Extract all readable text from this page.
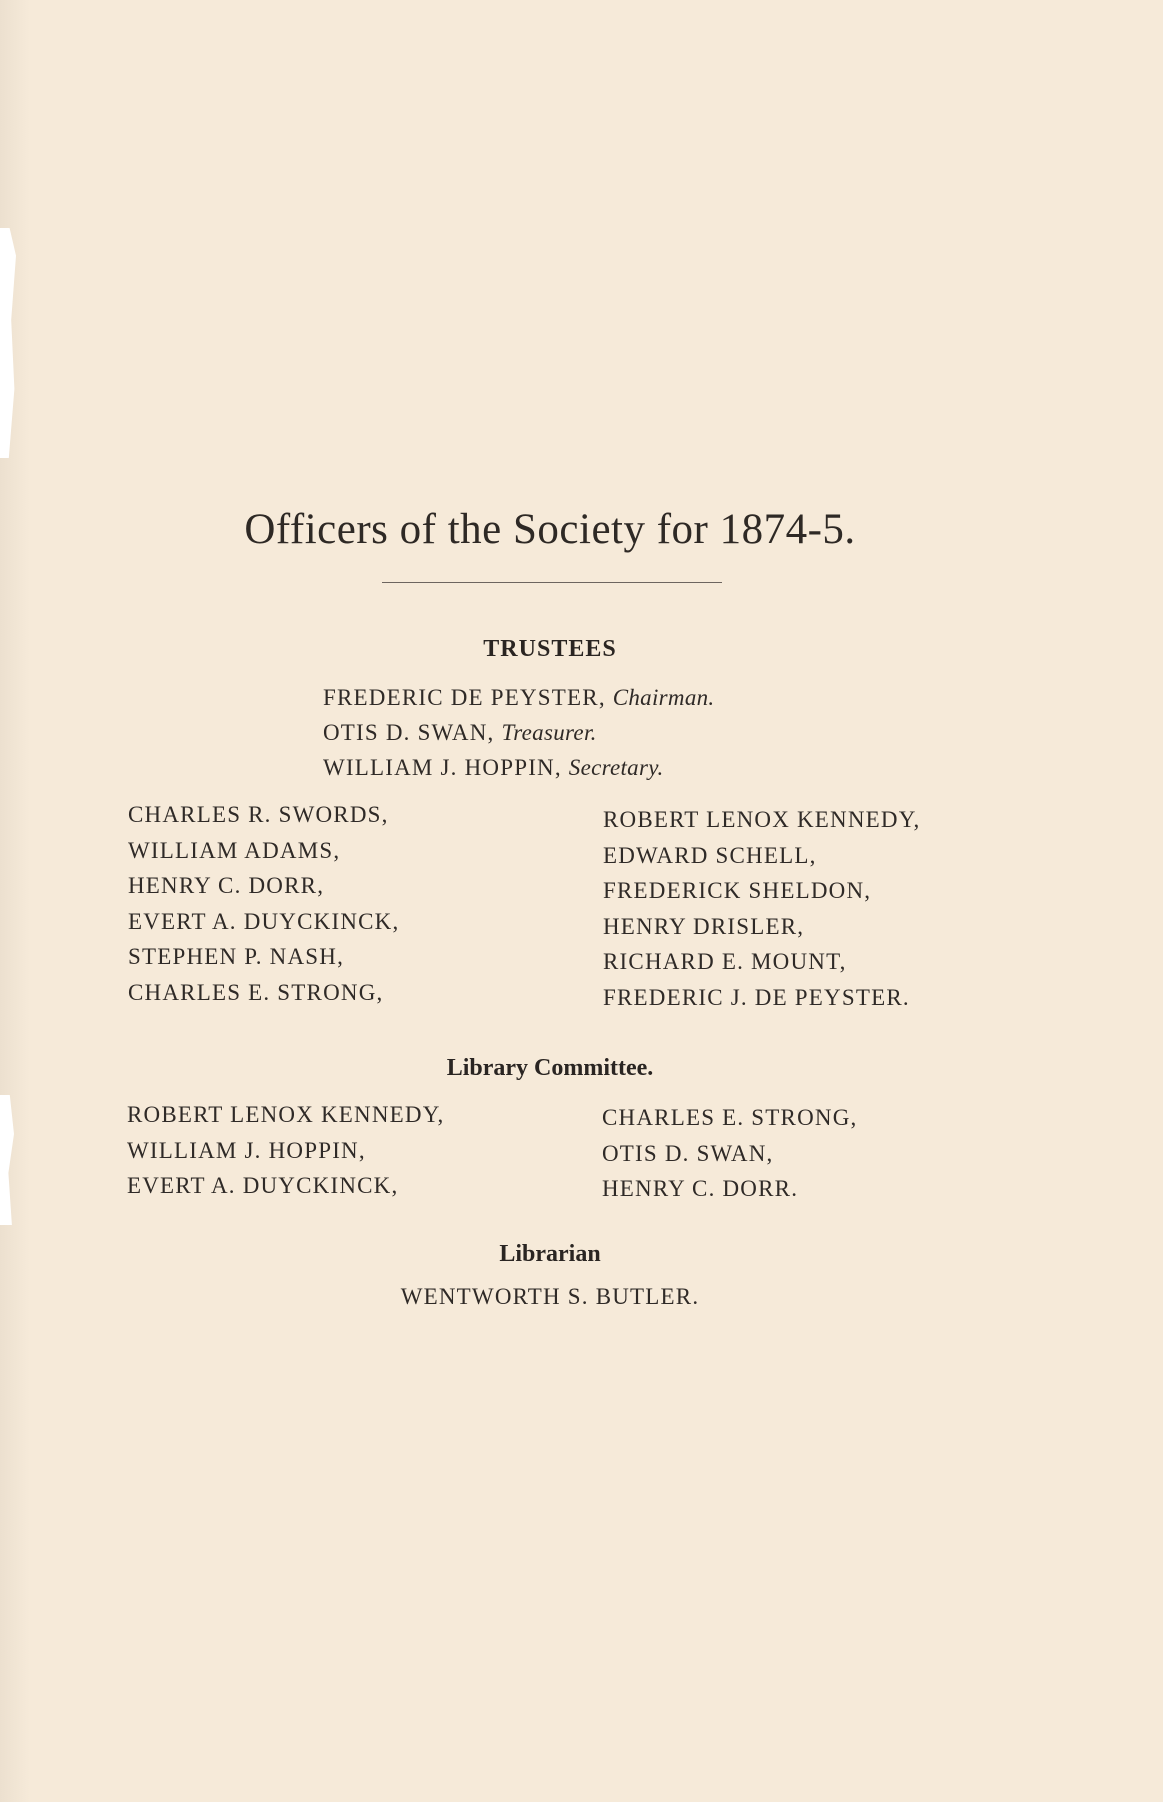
Officers of the Society for 1874-5.
TRUSTEES
FREDERIC DE PEYSTER, Chairman.
OTIS D. SWAN, Treasurer.
WILLIAM J. HOPPIN, Secretary.
CHARLES R. SWORDS,
WILLIAM ADAMS,
HENRY C. DORR,
EVERT A. DUYCKINCK,
STEPHEN P. NASH,
CHARLES E. STRONG,
ROBERT LENOX KENNEDY,
EDWARD SCHELL,
FREDERICK SHELDON,
HENRY DRISLER,
RICHARD E. MOUNT,
FREDERIC J. DE PEYSTER.
Library Committee.
ROBERT LENOX KENNEDY,
WILLIAM J. HOPPIN,
EVERT A. DUYCKINCK,
CHARLES E. STRONG,
OTIS D. SWAN,
HENRY C. DORR.
Librarian
WENTWORTH S. BUTLER.
